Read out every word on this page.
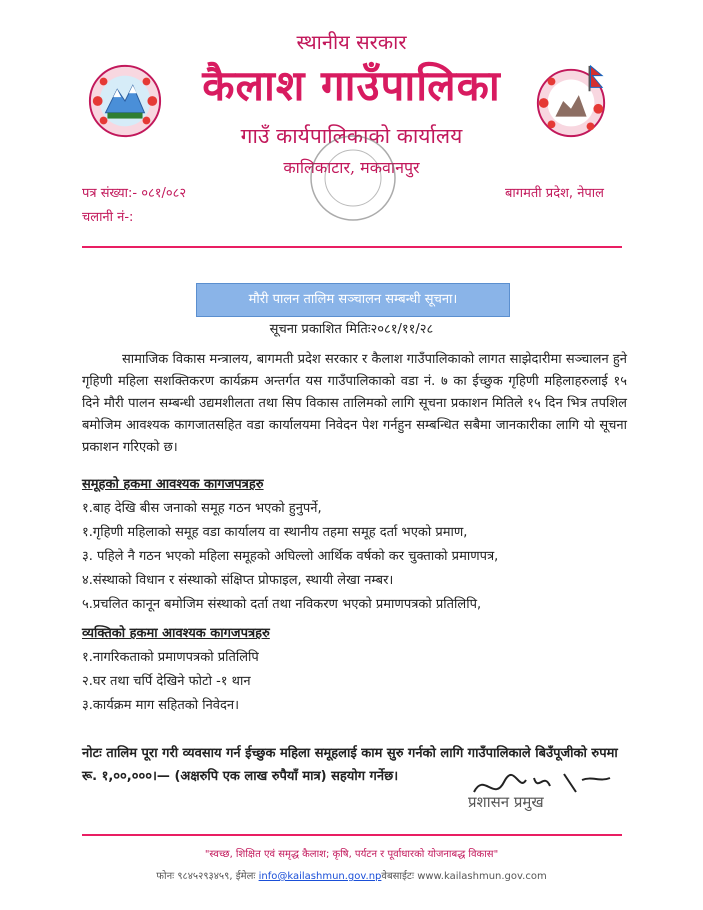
स्थानीय सरकार
कैलाश गाउँपालिका
गाउँ कार्यपालिकाको कार्यालय
कालिकाटार, मकवानपुर
पत्र संख्या:- ०८१/०८२
चलानी नं-:
बागमती प्रदेश, नेपाल
मौरी पालन तालिम सञ्चालन सम्बन्धी सूचना।
सूचना प्रकाशित मितिः२०८१/११/२८
सामाजिक विकास मन्त्रालय, बागमती प्रदेश सरकार र कैलाश गाउँपालिकाको लागत साझेदारीमा सञ्चालन हुने गृहिणी महिला सशक्तिकरण कार्यक्रम अन्तर्गत यस गाउँपालिकाको वडा नं. ७ का ईच्छुक गृहिणी महिलाहरुलाई १५ दिने मौरी पालन सम्बन्धी उद्यमशीलता तथा सिप विकास तालिमको लागि सूचना प्रकाशन मितिले १५ दिन भित्र तपशिल बमोजिम आवश्यक कागजातसहित वडा कार्यालयमा निवेदन पेश गर्नहुन सम्बन्धित सबैमा जानकारीका लागि यो सूचना प्रकाशन गरिएको छ।
समूहको हकमा आवश्यक कागजपत्रहरु
१.बाह देखि बीस जनाको समूह गठन भएको हुनुपर्ने,
१.गृहिणी महिलाको समूह वडा कार्यालय वा स्थानीय तहमा समूह दर्ता भएको प्रमाण,
३. पहिले नै गठन भएको महिला समूहको अघिल्लो आर्थिक वर्षको कर चुक्ताको प्रमाणपत्र,
४.संस्थाको विधान र संस्थाको संक्षिप्त प्रोफाइल, स्थायी लेखा नम्बर।
५.प्रचलित कानून बमोजिम संस्थाको दर्ता तथा नविकरण भएको प्रमाणपत्रको प्रतिलिपि,
व्यक्तिको हकमा आवश्यक कागजपत्रहरु
१.नागरिकताको प्रमाणपत्रको प्रतिलिपि
२.घर तथा चर्पि देखिने फोटो -१ थान
३.कार्यक्रम माग सहितको निवेदन।
नोटः तालिम पूरा गरी व्यवसाय गर्न ईच्छुक महिला समूहलाई काम सुरु गर्नको लागि गाउँपालिकाले बिउँपूजीको रुपमा रू. १,००,०००।— (अक्षरुपि एक लाख रुपैयाँ मात्र) सहयोग गर्नेछ।
प्रशासन प्रमुख
"स्वच्छ, शिक्षित एवं समृद्ध कैलाश; कृषि, पर्यटन र पूर्वाधारको योजनाबद्ध विकास"
फोनः ९८४५२९३४५९, ईमेलः info@kailashmun.gov.npवेबसाईटः www.kailashmun.gov.com
